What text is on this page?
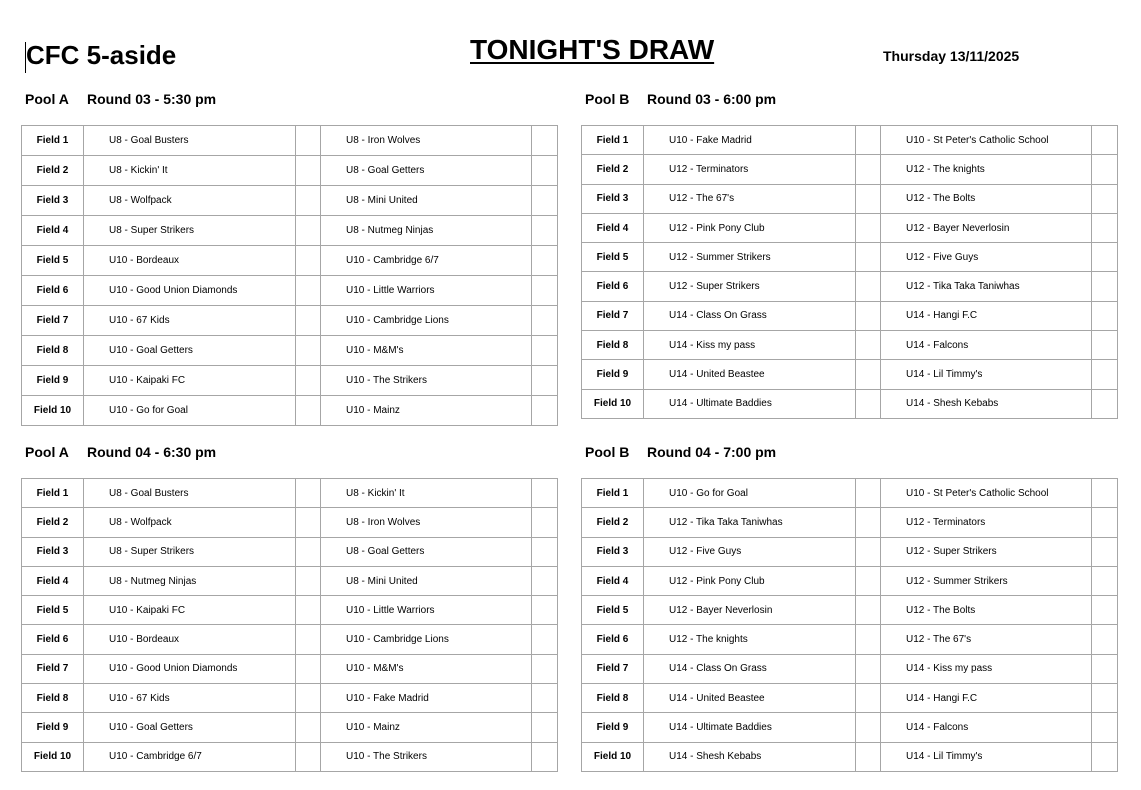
CFC 5-aside	TONIGHT'S DRAW	Thursday 13/11/2025
Pool A Round 03 - 5:30 pm
Field 1	U8 - Goal Busters		U8 - Iron Wolves	
Field 2	U8 - Kickin' It		U8 - Goal Getters	
Field 3	U8 - Wolfpack		U8 - Mini United	
Field 4	U8 - Super Strikers		U8 - Nutmeg Ninjas	
Field 5	U10 - Bordeaux		U10 - Cambridge 6/7	
Field 6	U10 - Good Union Diamonds		U10 - Little Warriors	
Field 7	U10 - 67 Kids		U10 - Cambridge Lions	
Field 8	U10 - Goal Getters		U10 - M&M's	
Field 9	U10 - Kaipaki FC		U10 - The Strikers	
Field 10	U10 - Go for Goal		U10 - Mainz	
Pool B Round 03 - 6:00 pm
Field 1	U10 - Fake Madrid		U10 - St Peter's Catholic School	
Field 2	U12 - Terminators		U12 - The knights	
Field 3	U12 - The 67's		U12 - The Bolts	
Field 4	U12 - Pink Pony Club		U12 - Bayer Neverlosin	
Field 5	U12 - Summer Strikers		U12 - Five Guys	
Field 6	U12 - Super Strikers		U12 - Tika Taka Taniwhas	
Field 7	U14 - Class On Grass		U14 - Hangi F.C	
Field 8	U14 - Kiss my pass		U14 - Falcons	
Field 9	U14 - United Beastee		U14 - Lil Timmy's	
Field 10	U14 - Ultimate Baddies		U14 - Shesh Kebabs	
Pool A Round 04 - 6:30 pm
Field 1	U8 - Goal Busters		U8 - Kickin' It	
Field 2	U8 - Wolfpack		U8 - Iron Wolves	
Field 3	U8 - Super Strikers		U8 - Goal Getters	
Field 4	U8 - Nutmeg Ninjas		U8 - Mini United	
Field 5	U10 - Kaipaki FC		U10 - Little Warriors	
Field 6	U10 - Bordeaux		U10 - Cambridge Lions	
Field 7	U10 - Good Union Diamonds		U10 - M&M's	
Field 8	U10 - 67 Kids		U10 - Fake Madrid	
Field 9	U10 - Goal Getters		U10 - Mainz	
Field 10	U10 - Cambridge 6/7		U10 - The Strikers	
Pool B Round 04 - 7:00 pm
Field 1	U10 - Go for Goal		U10 - St Peter's Catholic School	
Field 2	U12 - Tika Taka Taniwhas		U12 - Terminators	
Field 3	U12 - Five Guys		U12 - Super Strikers	
Field 4	U12 - Pink Pony Club		U12 - Summer Strikers	
Field 5	U12 - Bayer Neverlosin		U12 - The Bolts	
Field 6	U12 - The knights		U12 - The 67's	
Field 7	U14 - Class On Grass		U14 - Kiss my pass	
Field 8	U14 - United Beastee		U14 - Hangi F.C	
Field 9	U14 - Ultimate Baddies		U14 - Falcons	
Field 10	U14 - Shesh Kebabs		U14 - Lil Timmy's	
